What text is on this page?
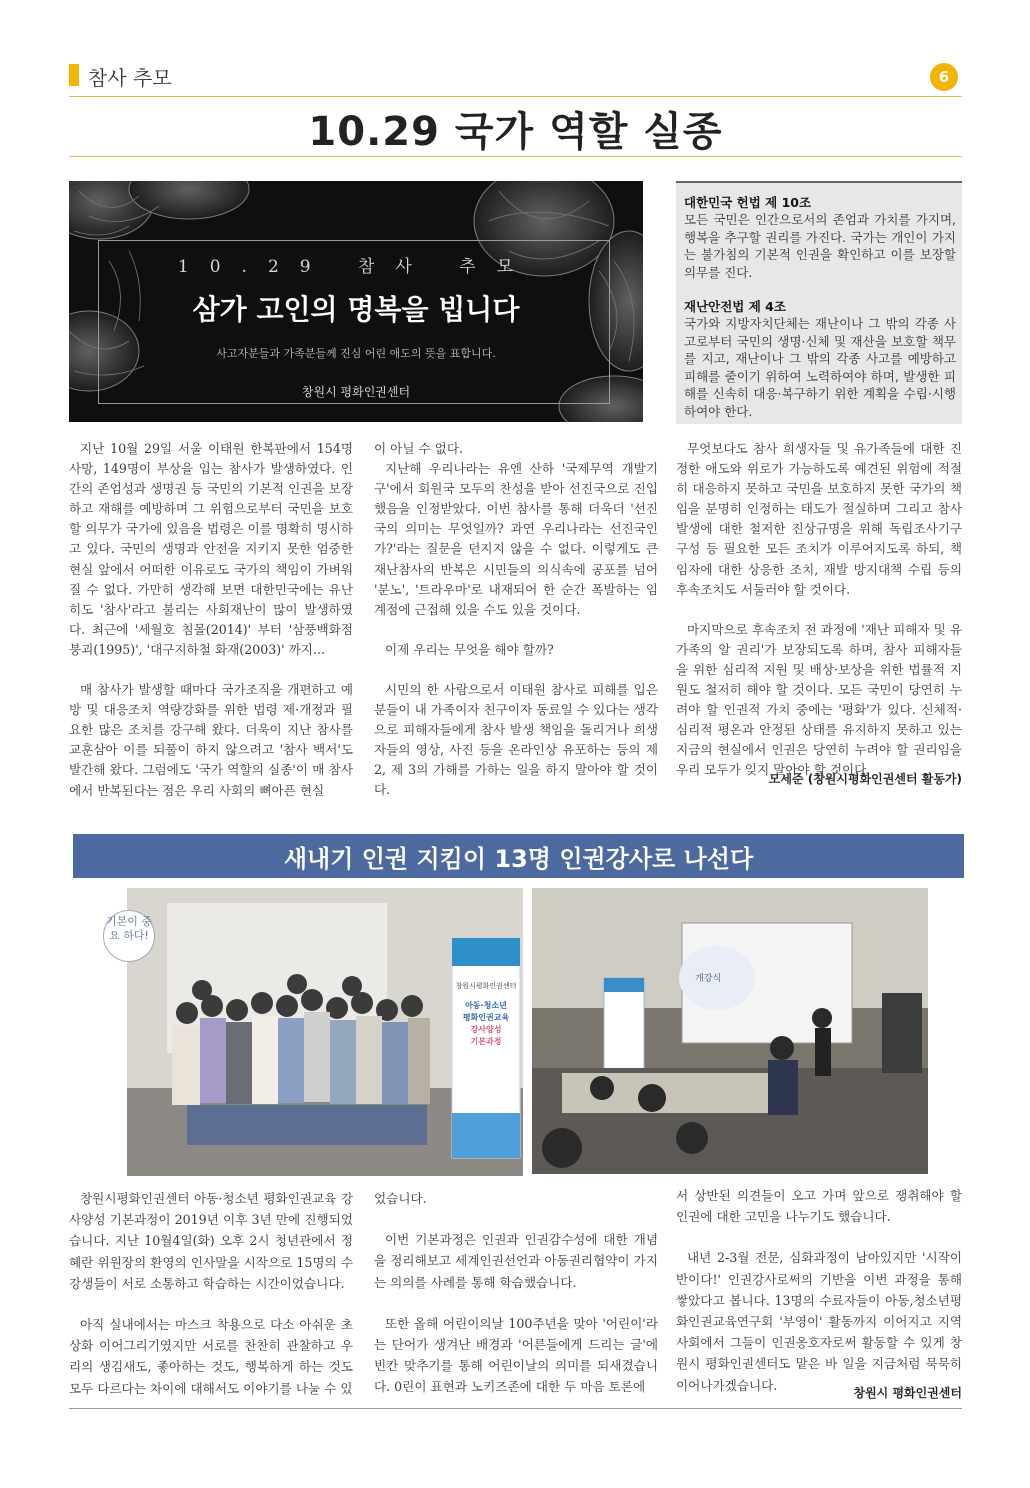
참사 추모	6
10.29 국가 역할 실종
10.29 참사 추모
삼가 고인의 명복을 빕니다
사고자분들과 가족분들께 진심 어린 애도의 뜻을 표합니다.
창원시 평화인권센터
대한민국 헌법 제 10조
모든 국민은 인간으로서의 존엄과 가치를 가지며, 행복을 추구할 권리를 가진다. 국가는 개인이 가지는 불가침의 기본적 인권을 확인하고 이를 보장할 의무를 진다.
재난안전법 제 4조
국가와 지방자치단체는 재난이나 그 밖의 각종 사고로부터 국민의 생명·신체 및 재산을 보호할 책무를 지고, 재난이나 그 밖의 각종 사고를 예방하고 피해를 줄이기 위하여 노력하여야 하며, 발생한 피해를 신속히 대응·복구하기 위한 계획을 수립·시행하여야 한다.

지난 10월 29일 서울 이태원 한복판에서 154명 사망, 149명이 부상을 입는 참사가 발생하였다. 인간의 존엄성과 생명권 등 국민의 기본적 인권을 보장하고 재해를 예방하며 그 위험으로부터 국민을 보호할 의무가 국가에 있음을 법령은 이를 명확히 명시하고 있다. 국민의 생명과 안전을 지키지 못한 엄중한 현실 앞에서 어떠한 이유로도 국가의 책임이 가벼워질 수 없다. 가만히 생각해 보면 대한민국에는 유난히도 '참사'라고 불리는 사회재난이 많이 발생하였다. 최근에 '세월호 침몰(2014)' 부터 '삼풍백화점 붕괴(1995)', '대구지하철 화재(2003)' 까지...

매 참사가 발생할 때마다 국가조직을 개편하고 예방 및 대응조치 역량강화를 위한 법령 제·개정과 필요한 많은 조치를 강구해 왔다. 더욱이 지난 참사를 교훈삼아 이를 되풀이 하지 않으려고 '참사 백서'도 발간해 왔다. 그럼에도 '국가 역할의 실종'이 매 참사에서 반복된다는 점은 우리 사회의 뼈아픈 현실

이 아닐 수 없다.

지난해 우리나라는 유엔 산하 '국제무역 개발기구'에서 회원국 모두의 찬성을 받아 선진국으로 진입했음을 인정받았다. 이번 참사를 통해 더욱더 '선진국의 의미는 무엇일까? 과연 우리나라는 선진국인가?'라는 질문을 던지지 않을 수 없다. 이렇게도 큰 재난참사의 반복은 시민들의 의식속에 공포를 넘어 '분노', '트라우마'로 내재되어 한 순간 폭발하는 임계점에 근접해 있을 수도 있을 것이다.

이제 우리는 무엇을 해야 할까?

시민의 한 사람으로서 이태원 참사로 피해를 입은 분들이 내 가족이자 친구이자 동료일 수 있다는 생각으로 피해자들에게 참사 발생 책임을 돌리거나 희생자들의 영상, 사진 등을 온라인상 유포하는 등의 제 2, 제 3의 가해를 가하는 일을 하지 말아야 할 것이다.

무엇보다도 참사 희생자들 및 유가족들에 대한 진정한 애도와 위로가 가능하도록 예견된 위험에 적절히 대응하지 못하고 국민을 보호하지 못한 국가의 책임을 분명히 인정하는 태도가 절실하며 그리고 참사발생에 대한 철저한 진상규명을 위해 독립조사기구 구성 등 필요한 모든 조치가 이루어지도록 하되, 책임자에 대한 상응한 조치, 재발 방지대책 수립 등의 후속조치도 서둘러야 할 것이다.

마지막으로 후속조치 전 과정에 '재난 피해자 및 유가족의 알 권리'가 보장되도록 하며, 참사 피해자들을 위한 심리적 지원 및 배상·보상을 위한 법률적 지원도 철저히 해야 할 것이다. 모든 국민이 당연히 누려야 할 인권적 가치 중에는 '평화'가 있다. 신체적·심리적 평온과 안정된 상태를 유지하지 못하고 있는 지금의 현실에서 인권은 당연히 누려야 할 권리임을 우리 모두가 잊지 말아야 할 것이다.

모세준 (창원시평화인권센터 활동가)
새내기 인권 지킴이 13명 인권강사로 나선다
창원시평화인권센터
아동·청소년
평화인권교육
강사양성
기본과정
기본이 중요 하다!
개강식

창원시평화인권센터 아동·청소년 평화인권교육 강사양성 기본과정이 2019년 이후 3년 만에 진행되었습니다. 지난 10월4일(화) 오후 2시 청년관에서 정혜란 위원장의 환영의 인사말을 시작으로 15명의 수강생들이 서로 소통하고 학습하는 시간이었습니다.

아직 실내에서는 마스크 착용으로 다소 아쉬운 초상화 이어그리기였지만 서로를 찬찬히 관찰하고 우리의 생김새도, 좋아하는 것도, 행복하게 하는 것도 모두 다르다는 차이에 대해서도 이야기를 나눌 수 있

었습니다.

이번 기본과정은 인권과 인권감수성에 대한 개념을 정리해보고 세계인권선언과 아동권리협약이 가지는 의의를 사례를 통해 학습했습니다.

또한 올해 어린이의날 100주년을 맞아 '어린이'라는 단어가 생겨난 배경과 '어른들에게 드리는 글'에 빈칸 맞추기를 통해 어린이날의 의미를 되새겼습니다. 0린이 표현과 노키즈존에 대한 두 마음 토론에

서 상반된 의견들이 오고 가며 앞으로 쟁취해야 할 인권에 대한 고민을 나누기도 했습니다.

내년 2-3월 전문, 심화과정이 남아있지만 '시작이 반이다!' 인권강사로써의 기반을 이번 과정을 통해 쌓았다고 봅니다. 13명의 수료자들이 아동,청소년평화인권교육연구회 '부영이' 활동까지 이어지고 지역사회에서 그들이 인권옹호자로써 활동할 수 있게 창원시 평화인권센터도 맡은 바 일을 지금처럼 묵묵히 이어나가겠습니다.

창원시 평화인권센터
